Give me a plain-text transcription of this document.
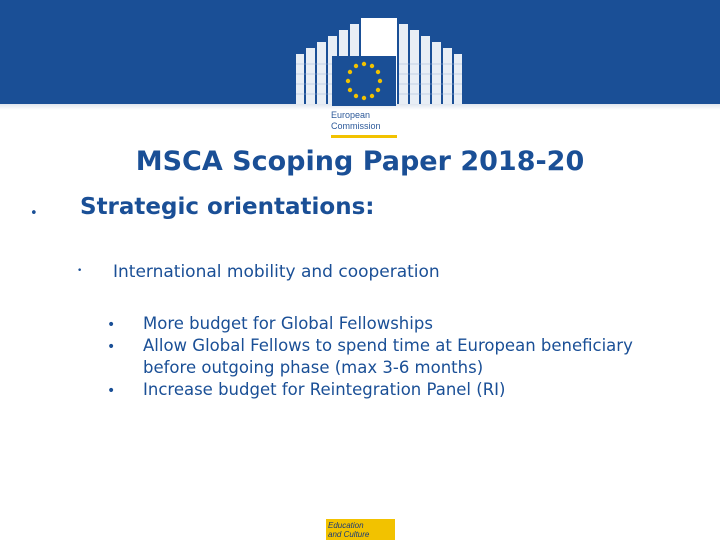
European
Commission
MSCA Scoping Paper 2018-20
• Strategic orientations:
• International mobility and cooperation
• More budget for Global Fellowships
• Allow Global Fellows to spend time at European beneficiary before outgoing phase (max 3-6 months)
• Increase budget for Reintegration Panel (RI)
Education
and Culture
